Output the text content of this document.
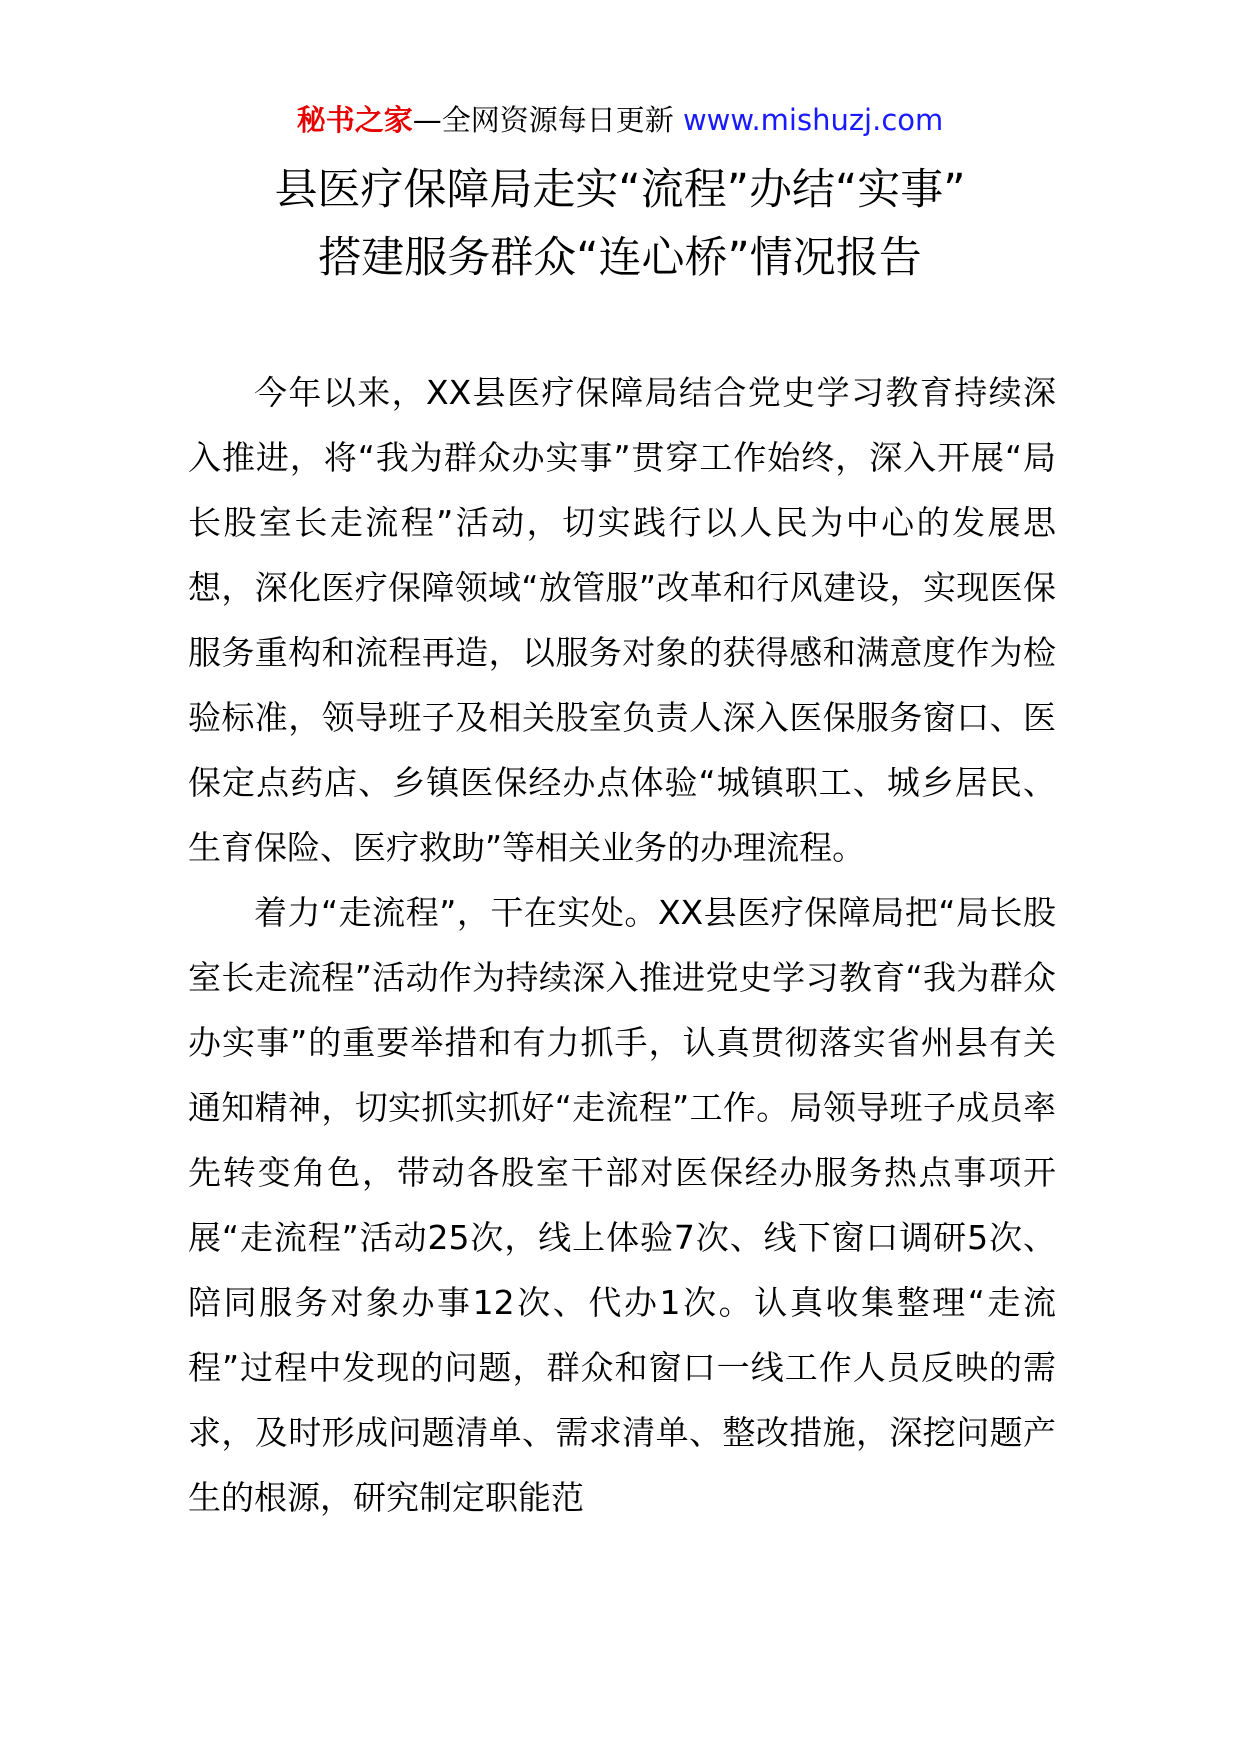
秘书之家—全网资源每日更新 www.mishuzj.com
县医疗保障局走实“流程”办结“实事”
搭建服务群众“连心桥”情况报告

今年以来，XX县医疗保障局结合党史学习教育持续深入推进，将“我为群众办实事”贯穿工作始终，深入开展“局长股室长走流程”活动，切实践行以人民为中心的发展思想，深化医疗保障领域“放管服”改革和行风建设，实现医保服务重构和流程再造，以服务对象的获得感和满意度作为检验标准，领导班子及相关股室负责人深入医保服务窗口、医保定点药店、乡镇医保经办点体验“城镇职工、城乡居民、生育保险、医疗救助”等相关业务的办理流程。

着力“走流程”，干在实处。XX县医疗保障局把“局长股室长走流程”活动作为持续深入推进党史学习教育“我为群众办实事”的重要举措和有力抓手，认真贯彻落实省州县有关通知精神，切实抓实抓好“走流程”工作。局领导班子成员率先转变角色，带动各股室干部对医保经办服务热点事项开展“走流程”活动25次，线上体验7次、线下窗口调研5次、陪同服务对象办事12次、代办1次。认真收集整理“走流程”过程中发现的问题，群众和窗口一线工作人员反映的需求，及时形成问题清单、需求清单、整改措施，深挖问题产生的根源，研究制定职能范
